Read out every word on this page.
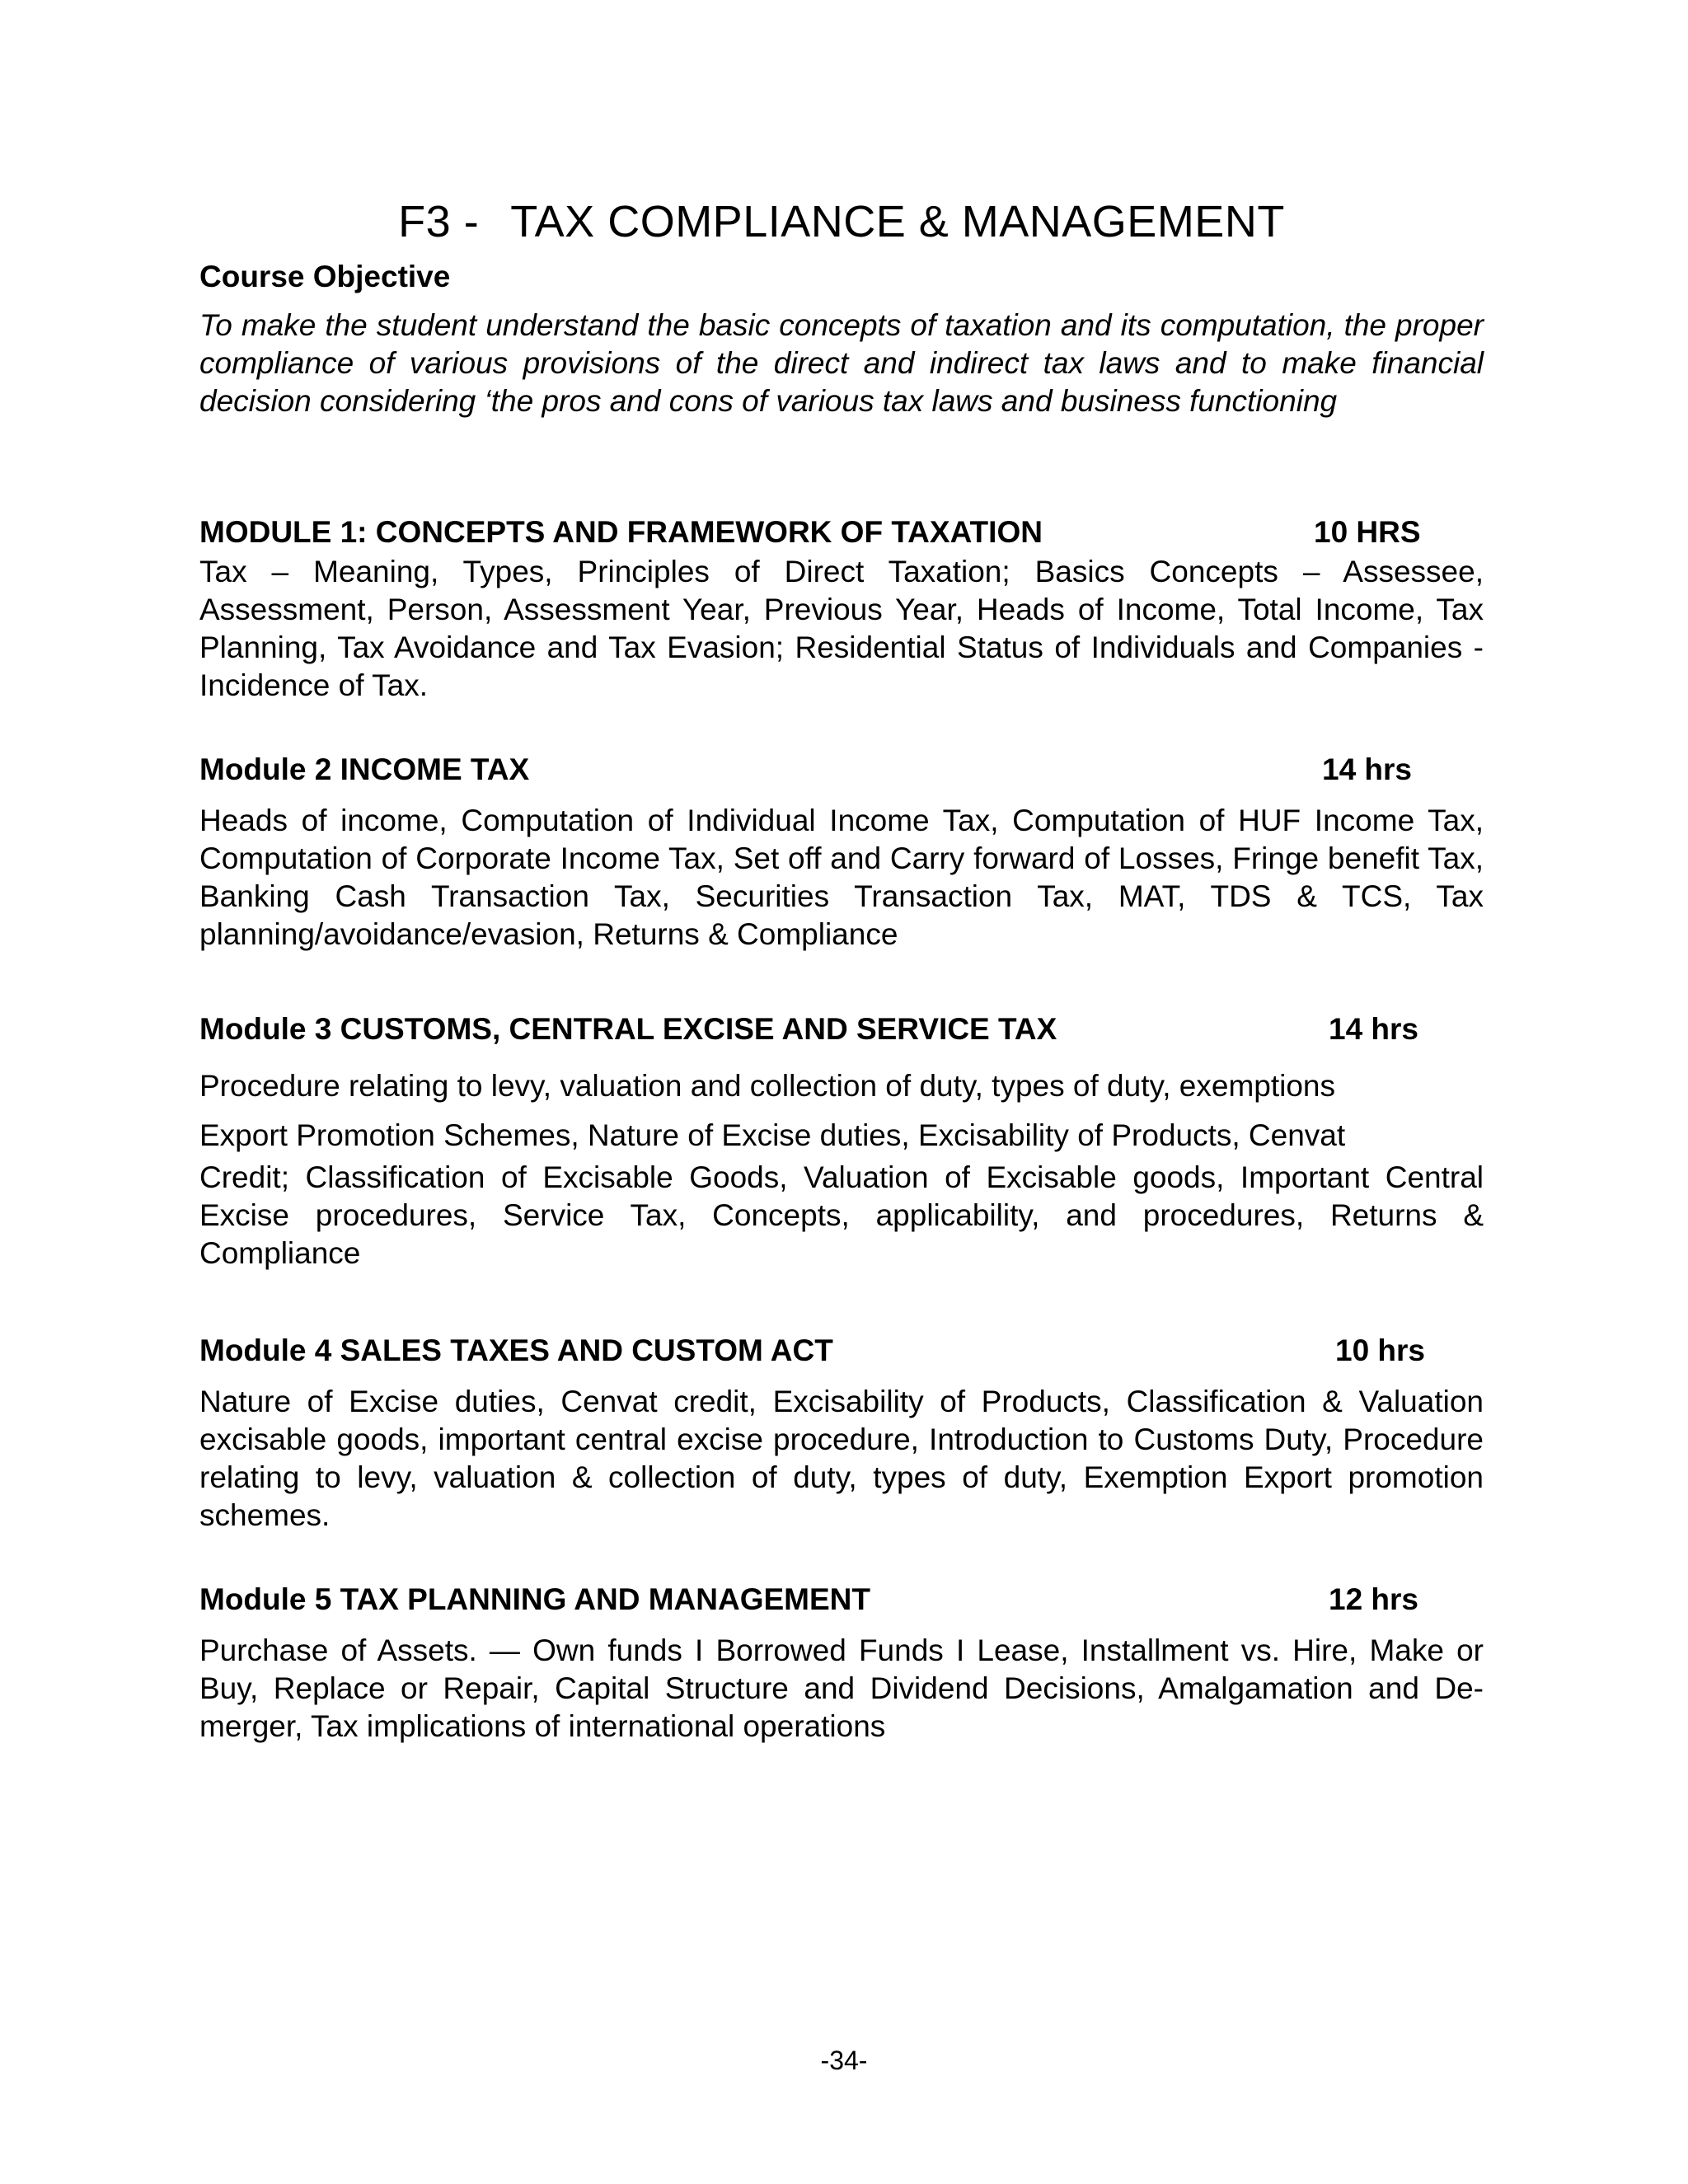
F3 - TAX COMPLIANCE & MANAGEMENT
Course Objective
To make the student understand the basic concepts of taxation and its computation, the proper compliance of various provisions of the direct and indirect tax laws and to make financial decision considering ‘the pros and cons of various tax laws and business functioning
MODULE 1: CONCEPTS AND FRAMEWORK OF TAXATION	10 HRS
Tax – Meaning, Types, Principles of Direct Taxation; Basics Concepts – Assessee, Assessment, Person, Assessment Year, Previous Year, Heads of Income, Total Income, Tax Planning, Tax Avoidance and Tax Evasion; Residential Status of Individuals and Companies - Incidence of Tax.
Module 2 INCOME TAX	14 hrs
Heads of income, Computation of Individual Income Tax, Computation of HUF Income Tax, Computation of Corporate Income Tax, Set off and Carry forward of Losses, Fringe benefit Tax, Banking Cash Transaction Tax, Securities Transaction Tax, MAT, TDS & TCS, Tax planning/avoidance/evasion, Returns & Compliance
Module 3 CUSTOMS, CENTRAL EXCISE AND SERVICE TAX	14 hrs

Procedure relating to levy, valuation and collection of duty, types of duty, exemptions

Export Promotion Schemes, Nature of Excise duties, Excisability of Products, Cenvat

Credit; Classification of Excisable Goods, Valuation of Excisable goods, Important Central Excise procedures, Service Tax, Concepts, applicability, and procedures, Returns & Compliance

Module 4 SALES TAXES AND CUSTOM ACT	10 hrs
Nature of Excise duties, Cenvat credit, Excisability of Products, Classification & Valuation excisable goods, important central excise procedure, Introduction to Customs Duty, Procedure relating to levy, valuation & collection of duty, types of duty, Exemption Export promotion schemes.
Module 5 TAX PLANNING AND MANAGEMENT	12 hrs
Purchase of Assets. — Own funds I Borrowed Funds I Lease, Installment vs. Hire, Make or Buy, Replace or Repair, Capital Structure and Dividend Decisions, Amalgamation and De-merger, Tax implications of international operations
-34-
